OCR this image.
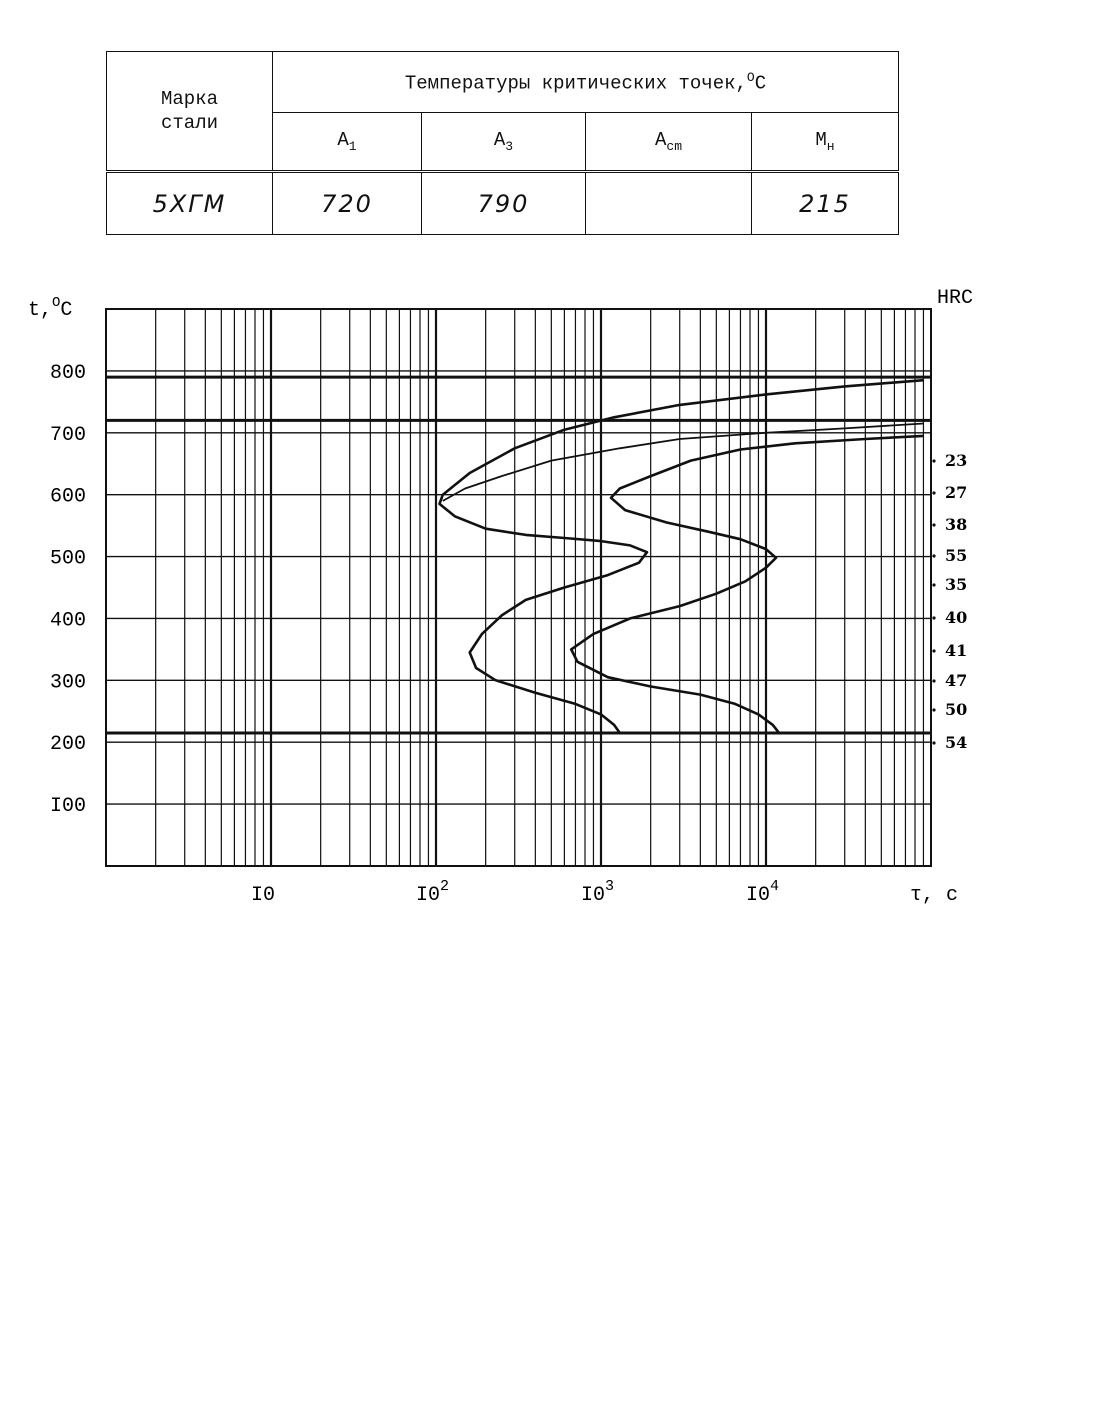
Марка стали	Температуры критических точек,$^O$C			
	$A_1$	$A_3$	$A_{cm}$	$M_н$
5ХГМ	720	790		215
I00
200
300
400
500
600
700
800
I0	$I0^2$	$I0^3$	$I0^4$
23
27
38
55
35
40
41
47
50
54
t,$^O$C
τ, с
HRC
